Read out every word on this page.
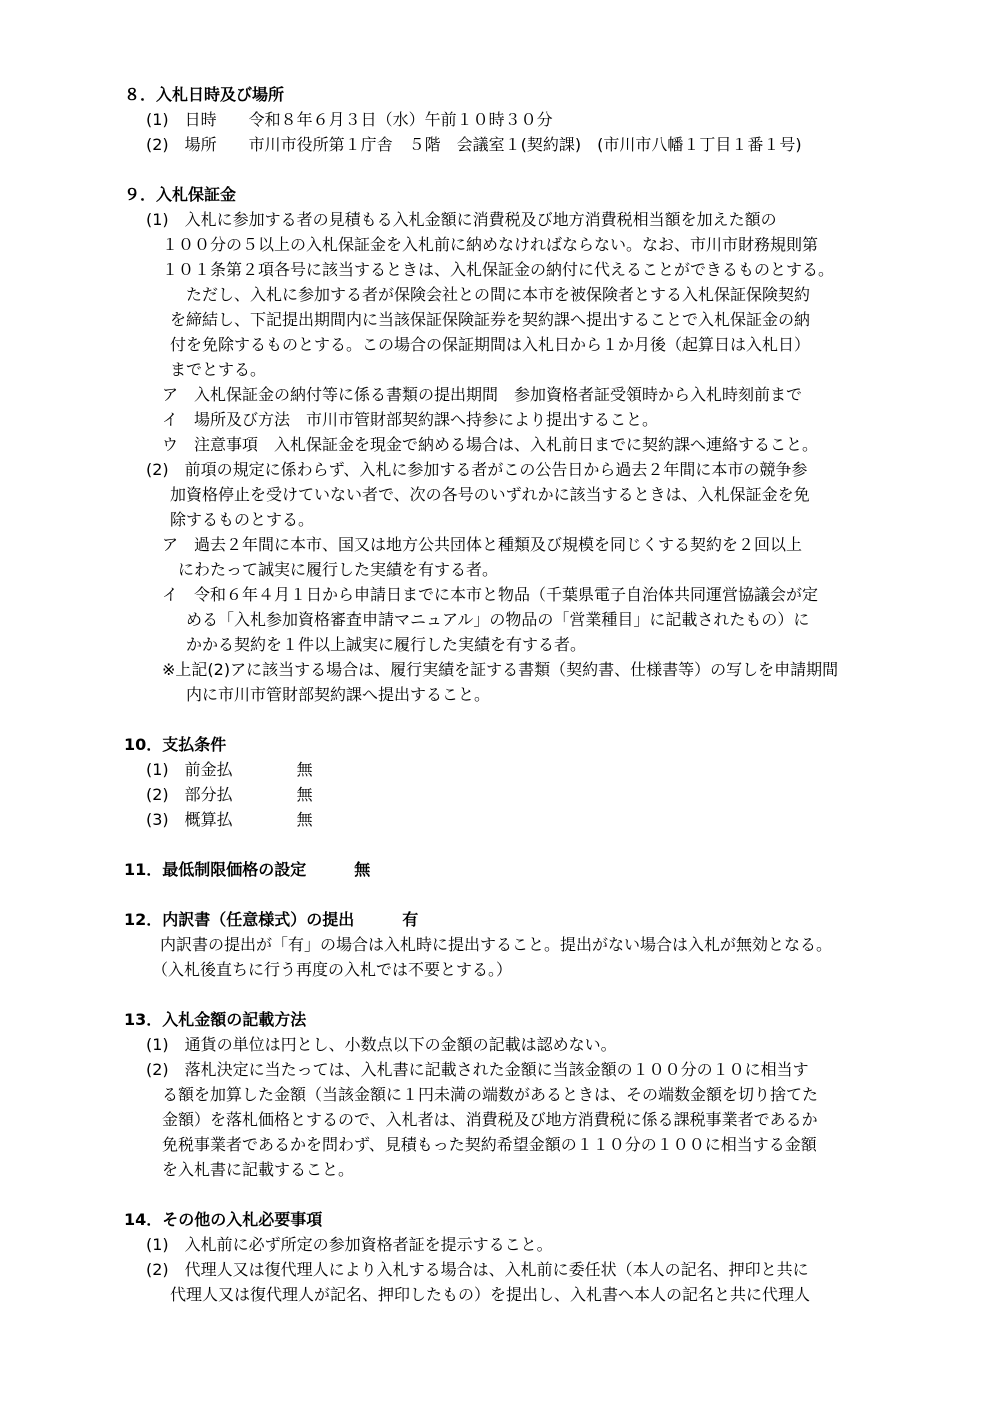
８．入札日時及び場所
(1)　日時　　令和８年６月３日（水）午前１０時３０分
(2)　場所　　市川市役所第１庁舎　５階　会議室１(契約課)　(市川市八幡１丁目１番１号)
９．入札保証金
(1)　入札に参加する者の見積もる入札金額に消費税及び地方消費税相当額を加えた額の
１００分の５以上の入札保証金を入札前に納めなければならない。なお、市川市財務規則第
１０１条第２項各号に該当するときは、入札保証金の納付に代えることができるものとする。
ただし、入札に参加する者が保険会社との間に本市を被保険者とする入札保証保険契約
を締結し、下記提出期間内に当該保証保険証券を契約課へ提出することで入札保証金の納
付を免除するものとする。この場合の保証期間は入札日から１か月後（起算日は入札日）
までとする。
ア　入札保証金の納付等に係る書類の提出期間　参加資格者証受領時から入札時刻前まで
イ　場所及び方法　市川市管財部契約課へ持参により提出すること。
ウ　注意事項　入札保証金を現金で納める場合は、入札前日までに契約課へ連絡すること。
(2)　前項の規定に係わらず、入札に参加する者がこの公告日から過去２年間に本市の競争参
加資格停止を受けていない者で、次の各号のいずれかに該当するときは、入札保証金を免
除するものとする。
ア　過去２年間に本市、国又は地方公共団体と種類及び規模を同じくする契約を２回以上
にわたって誠実に履行した実績を有する者。
イ　令和６年４月１日から申請日までに本市と物品（千葉県電子自治体共同運営協議会が定
める「入札参加資格審査申請マニュアル」の物品の「営業種目」に記載されたもの）に
かかる契約を１件以上誠実に履行した実績を有する者。
※上記(2)アに該当する場合は、履行実績を証する書類（契約書、仕様書等）の写しを申請期間
内に市川市管財部契約課へ提出すること。
10．支払条件
(1)　前金払　　　　無
(2)　部分払　　　　無
(3)　概算払　　　　無
11．最低制限価格の設定　　　無
12．内訳書（任意様式）の提出　　　有
内訳書の提出が「有」の場合は入札時に提出すること。提出がない場合は入札が無効となる。
（入札後直ちに行う再度の入札では不要とする。）
13．入札金額の記載方法
(1)　通貨の単位は円とし、小数点以下の金額の記載は認めない。
(2)　落札決定に当たっては、入札書に記載された金額に当該金額の１００分の１０に相当す
る額を加算した金額（当該金額に１円未満の端数があるときは、その端数金額を切り捨てた
金額）を落札価格とするので、入札者は、消費税及び地方消費税に係る課税事業者であるか
免税事業者であるかを問わず、見積もった契約希望金額の１１０分の１００に相当する金額
を入札書に記載すること。
14．その他の入札必要事項
(1)　入札前に必ず所定の参加資格者証を提示すること。
(2)　代理人又は復代理人により入札する場合は、入札前に委任状（本人の記名、押印と共に
代理人又は復代理人が記名、押印したもの）を提出し、入札書へ本人の記名と共に代理人
